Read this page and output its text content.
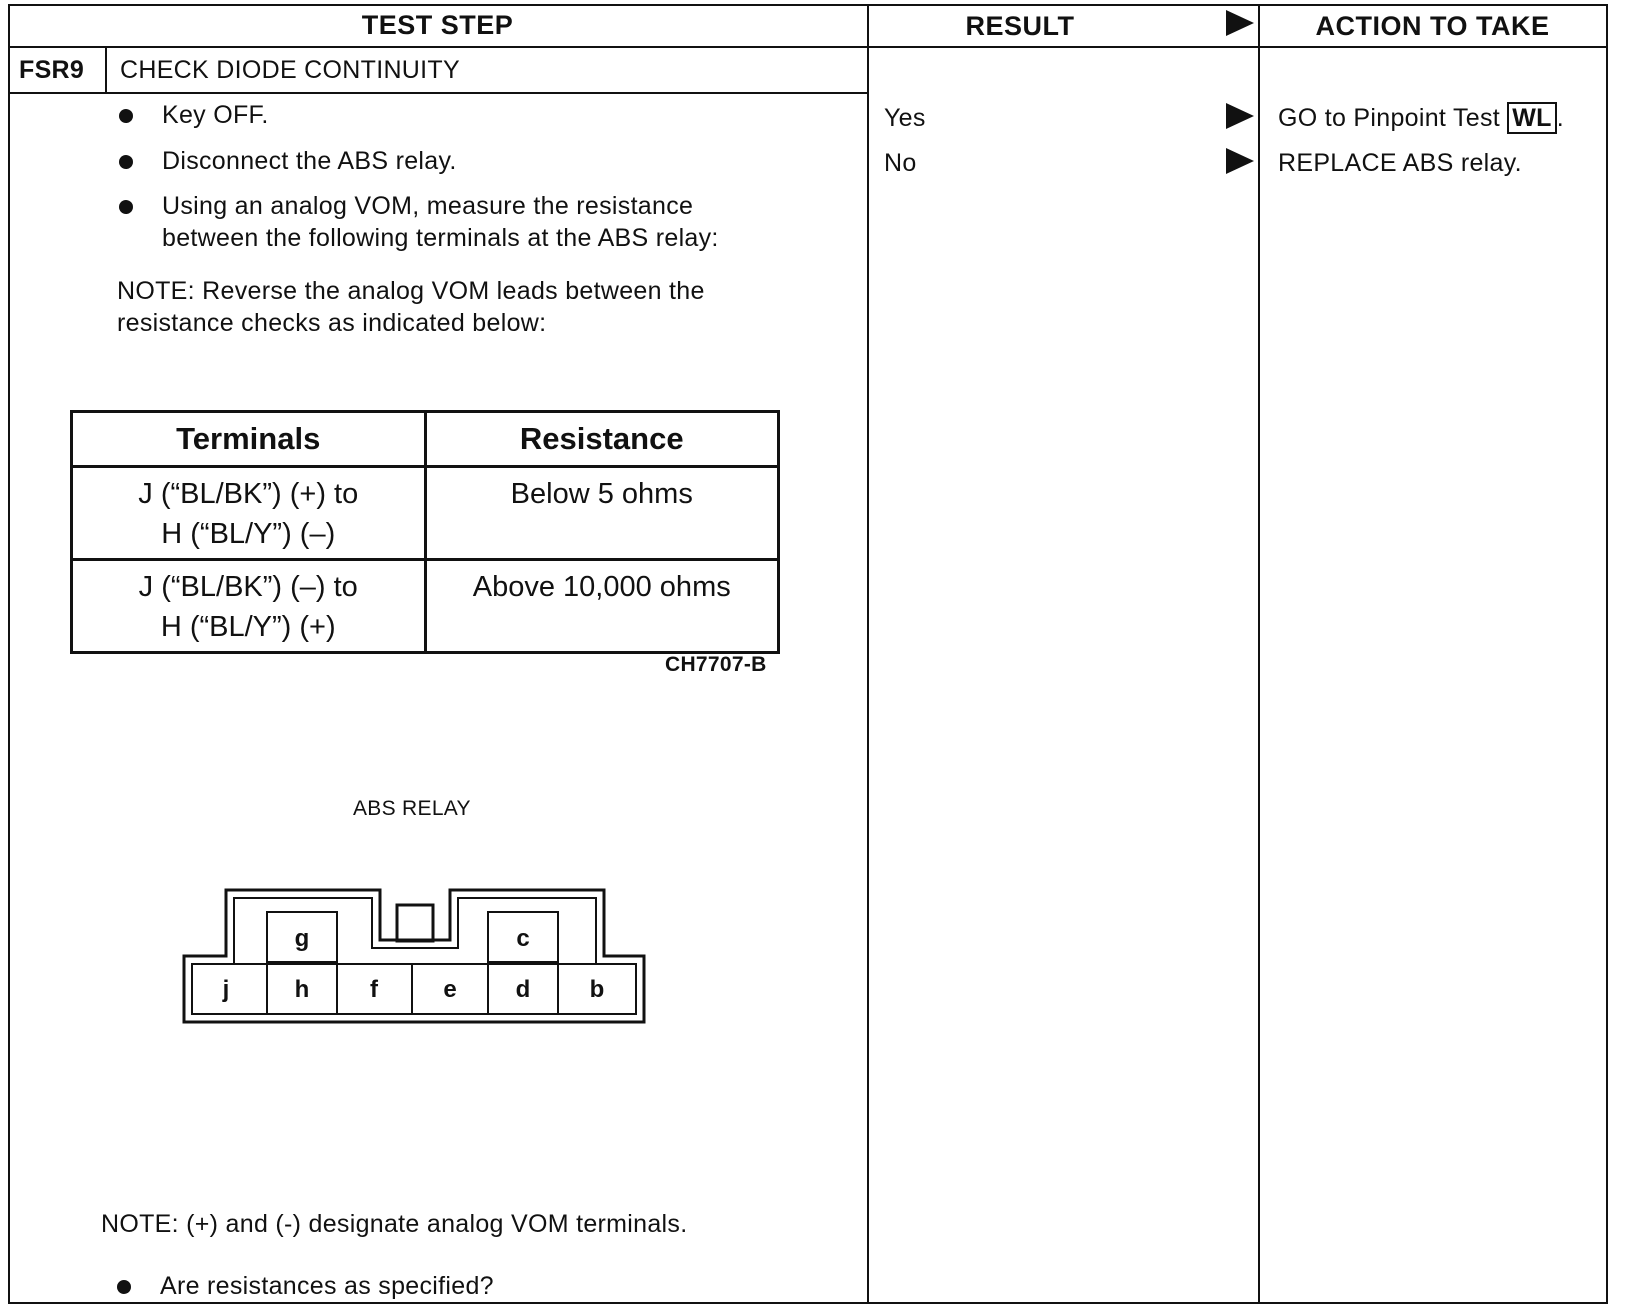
TEST STEP	RESULT	ACTION TO TAKE
FSR9 CHECK DIODE CONTINUITY
Key OFF.
Disconnect the ABS relay.
Using an analog VOM, measure the resistance
between the following terminals at the ABS relay:
NOTE: Reverse the analog VOM leads between the
resistance checks as indicated below:
Terminals	Resistance

J (“BL/BK”) (+) to
H (“BL/Y”) (–)	Below 5 ohms

J (“BL/BK”) (–) to
H (“BL/Y”) (+)	Above 10,000 ohms
CH7707-B
ABS RELAY
g	c
j	h	f	e d b
NOTE: (+) and (-) designate analog VOM terminals.
Are resistances as specified?
Yes	GO to Pinpoint Test WL .
No	REPLACE ABS relay.
